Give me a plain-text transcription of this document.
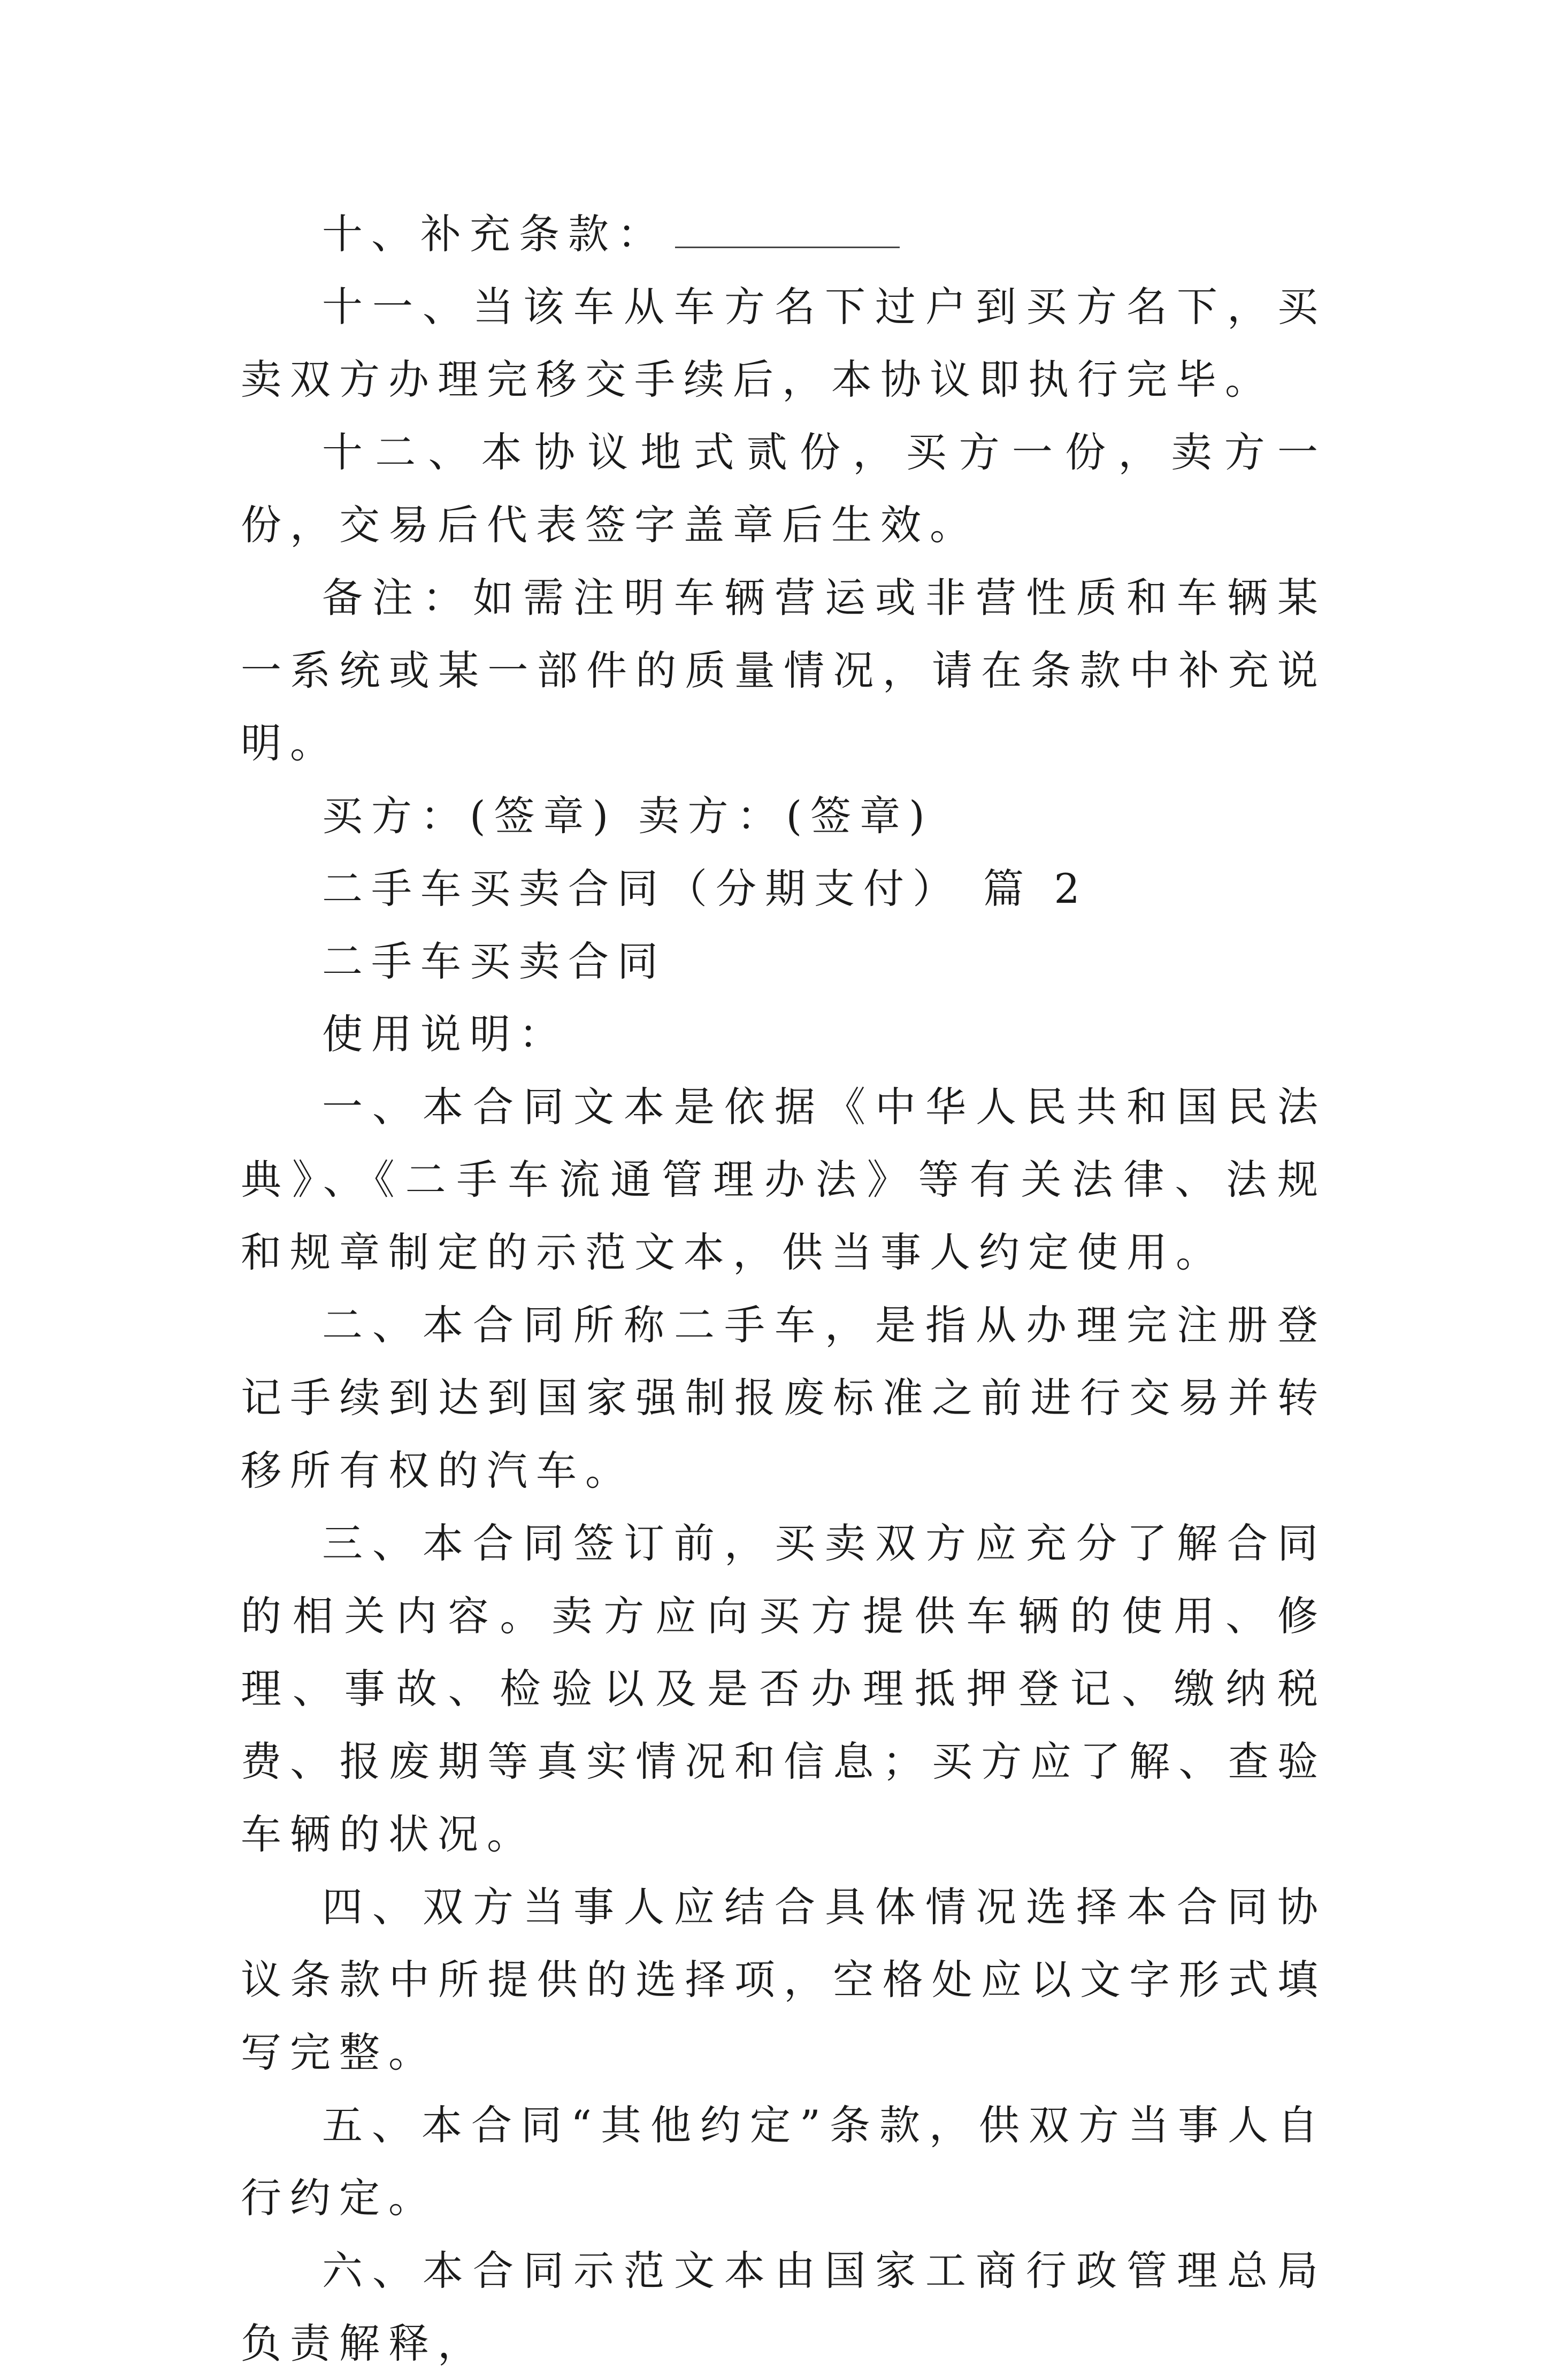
十、补充条款：

十一、当该车从车方名下过户到买方名下，买卖双方办理完移交手续后，本协议即执行完毕。

十二、本协议地式贰份，买方一份，卖方一份，交易后代表签字盖章后生效。

备注：如需注明车辆营运或非营性质和车辆某一系统或某一部件的质量情况，请在条款中补充说明。

买方：(签章) 卖方：(签章)

二手车买卖合同（分期支付） 篇 2

二手车买卖合同

使用说明：

一、本合同文本是依据《中华人民共和国民法典》、《二手车流通管理办法》等有关法律、法规和规章制定的示范文本，供当事人约定使用。

二、本合同所称二手车，是指从办理完注册登记手续到达到国家强制报废标准之前进行交易并转移所有权的汽车。

三、本合同签订前，买卖双方应充分了解合同的相关内容。卖方应向买方提供车辆的使用、修理、事故、检验以及是否办理抵押登记、缴纳税费、报废期等真实情况和信息；买方应了解、查验车辆的状况。

四、双方当事人应结合具体情况选择本合同协议条款中所提供的选择项，空格处应以文字形式填写完整。

五、本合同“其他约定”条款，供双方当事人自行约定。

六、本合同示范文本由国家工商行政管理总局负责解释，
